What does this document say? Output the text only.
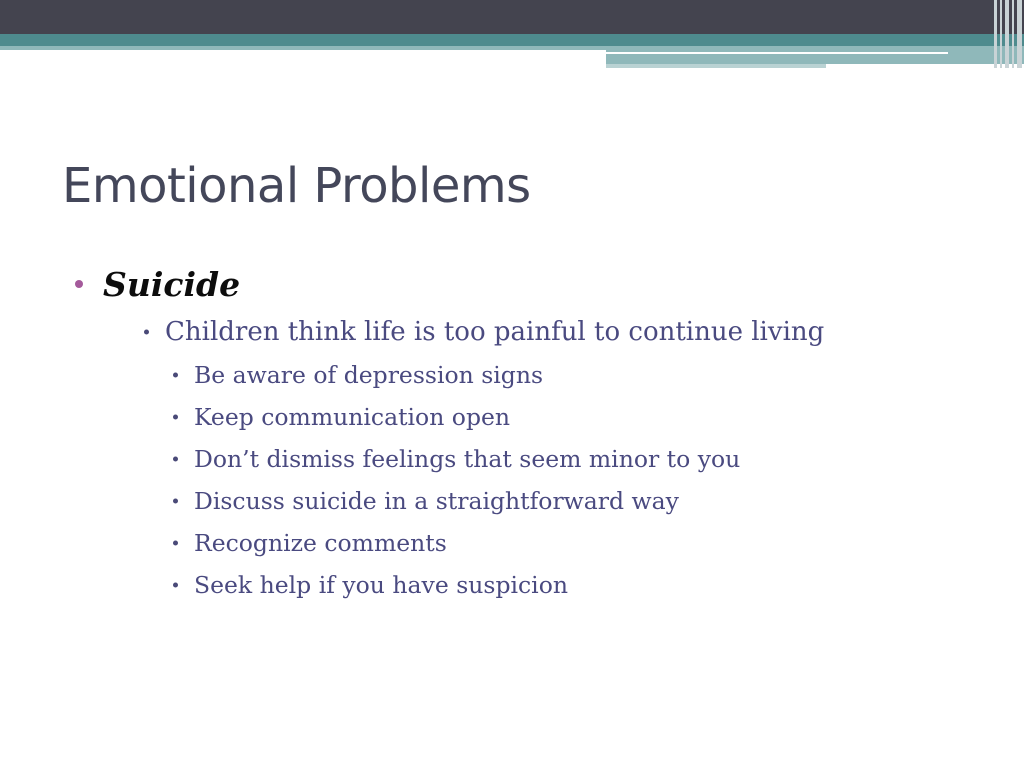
Emotional Problems
Suicide
Children think life is too painful to continue living
Be aware of depression signs
Keep communication open
Don’t dismiss feelings that seem minor to you
Discuss suicide in a straightforward way
Recognize comments
Seek help if you have suspicion
